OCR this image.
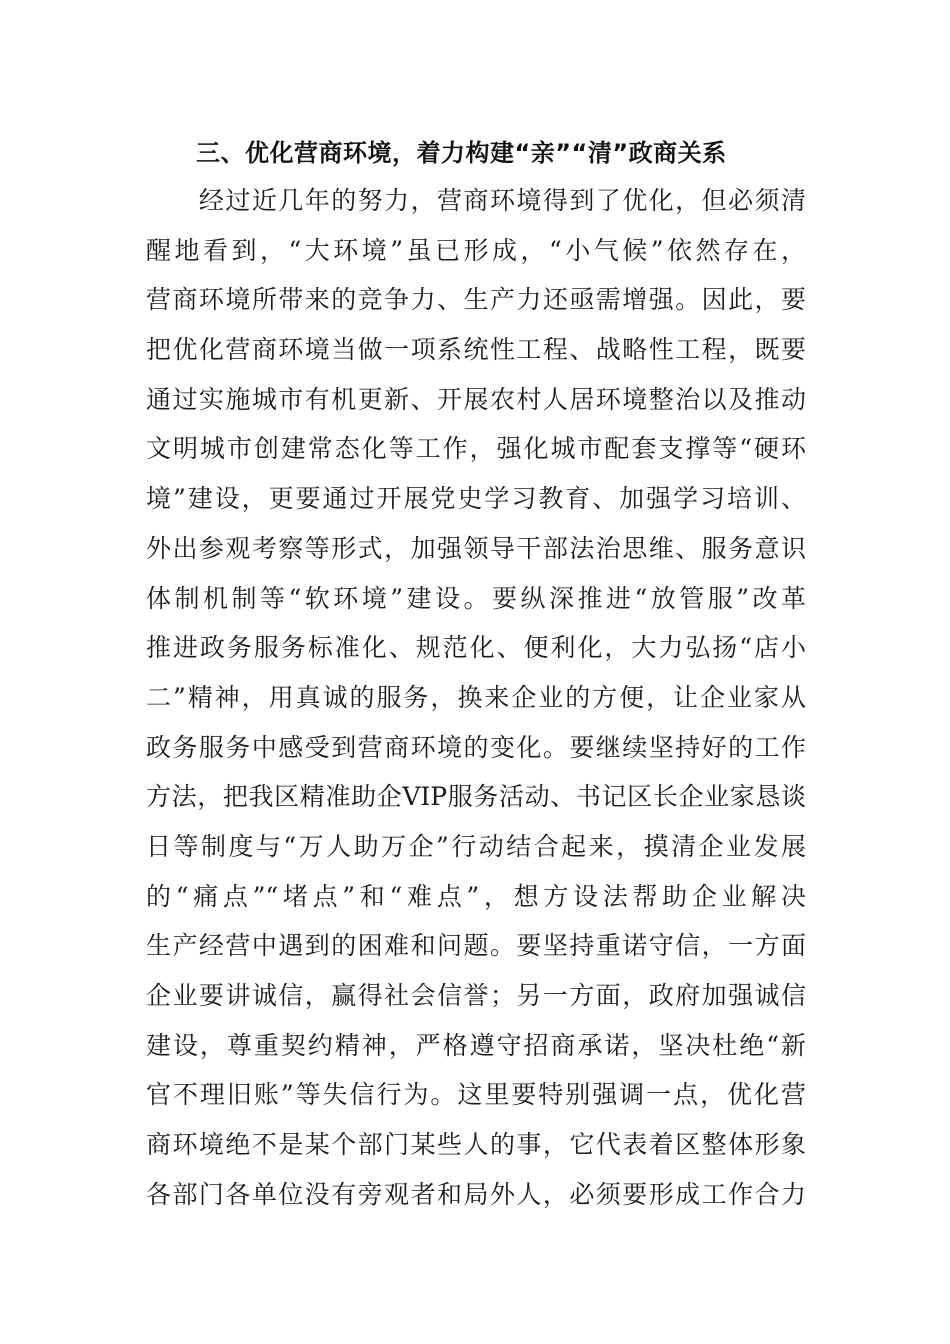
三、优化营商环境，着力构建“亲”“清”政商关系
　　经过近几年的努力，营商环境得到了优化，但必须清
醒地看到，“大环境”虽已形成，“小气候”依然存在，
营商环境所带来的竞争力、生产力还亟需增强。因此，要
把优化营商环境当做一项系统性工程、战略性工程，既要
通过实施城市有机更新、开展农村人居环境整治以及推动
文明城市创建常态化等工作，强化城市配套支撑等“硬环
境”建设，更要通过开展党史学习教育、加强学习培训、
外出参观考察等形式，加强领导干部法治思维、服务意识
体制机制等“软环境”建设。要纵深推进“放管服”改革
推进政务服务标准化、规范化、便利化，大力弘扬“店小
二”精神，用真诚的服务，换来企业的方便，让企业家从
政务服务中感受到营商环境的变化。要继续坚持好的工作
方法，把我区精准助企VIP服务活动、书记区长企业家恳谈
日等制度与“万人助万企”行动结合起来，摸清企业发展
的“痛点”“堵点”和“难点”，想方设法帮助企业解决
生产经营中遇到的困难和问题。要坚持重诺守信，一方面
企业要讲诚信，赢得社会信誉；另一方面，政府加强诚信
建设，尊重契约精神，严格遵守招商承诺，坚决杜绝“新
官不理旧账”等失信行为。这里要特别强调一点，优化营
商环境绝不是某个部门某些人的事，它代表着区整体形象
各部门各单位没有旁观者和局外人，必须要形成工作合力
